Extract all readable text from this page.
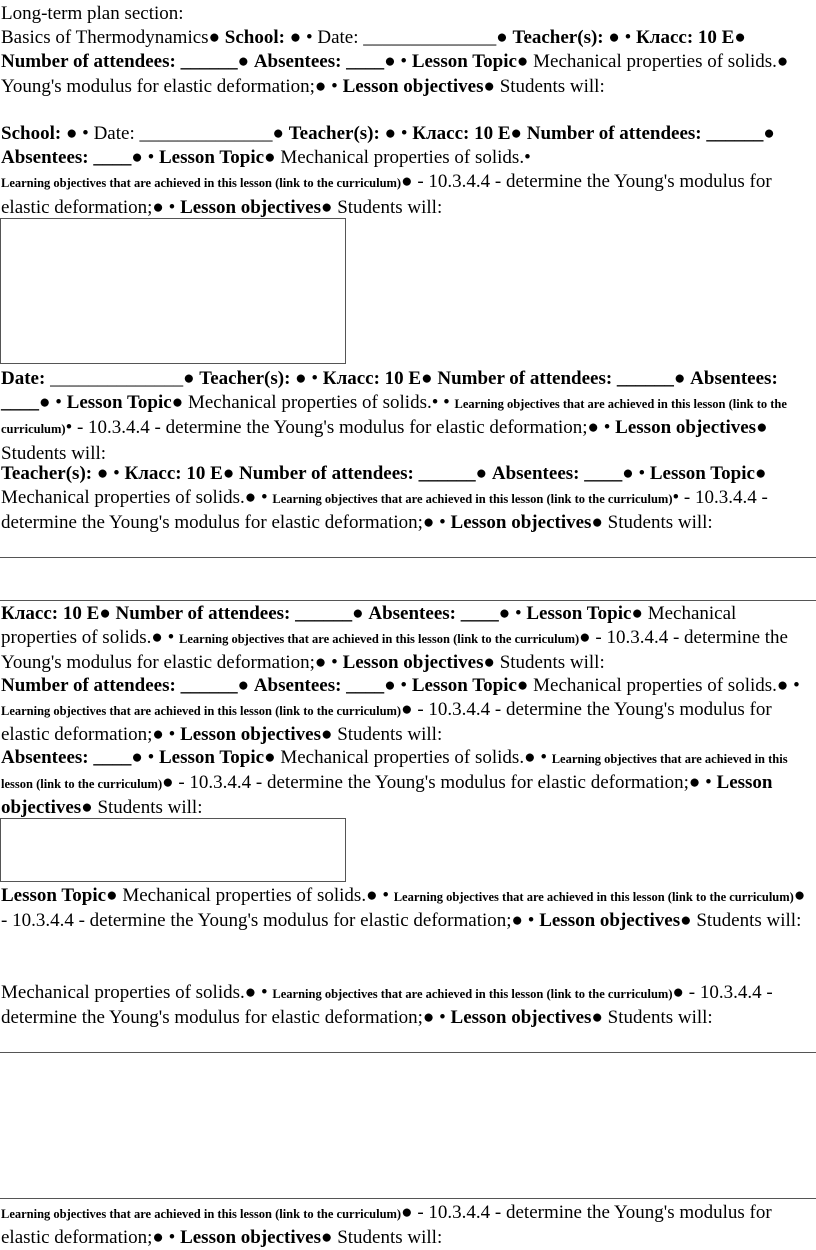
Long-term plan section:
Basics of Thermodynamics● School: ● • Date: ______________● Teacher(s): ● • Класс: 10 Е● Number of attendees: ______● Absentees: ____● • Lesson Topic● Mechanical properties of solids.●
Young's modulus for elastic deformation;● • Lesson objectives● Students will:

School: ● • Date: ______________● Teacher(s): ● • Класс: 10 Е● Number of attendees: ______● Absentees: ____● • Lesson Topic● Mechanical properties of solids.•
Learning objectives that are achieved in this lesson (link to the curriculum)● - 10.3.4.4 - determine the Young's modulus for elastic deformation;● • Lesson objectives● Students will:

Date: ______________● Teacher(s): ● • Класс: 10 Е● Number of attendees: ______● Absentees: ____● • Lesson Topic● Mechanical properties of solids.• • Learning objectives that are achieved in this lesson (link to the curriculum)• - 10.3.4.4 - determine the Young's modulus for elastic deformation;● • Lesson objectives● Students will:

Teacher(s): ● • Класс: 10 Е● Number of attendees: ______● Absentees: ____● • Lesson Topic● Mechanical properties of solids.● • Learning objectives that are achieved in this lesson (link to the curriculum)• - 10.3.4.4 - determine the Young's modulus for elastic deformation;● • Lesson objectives● Students will:

Класс: 10 Е● Number of attendees: ______● Absentees: ____● • Lesson Topic● Mechanical properties of solids.● • Learning objectives that are achieved in this lesson (link to the curriculum)● - 10.3.4.4 - determine the Young's modulus for elastic deformation;● • Lesson objectives● Students will:

Number of attendees: ______● Absentees: ____● • Lesson Topic● Mechanical properties of solids.● • Learning objectives that are achieved in this lesson (link to the curriculum)● - 10.3.4.4 - determine the Young's modulus for elastic deformation;● • Lesson objectives● Students will:

Absentees: ____● • Lesson Topic● Mechanical properties of solids.● • Learning objectives that are achieved in this lesson (link to the curriculum)● - 10.3.4.4 - determine the Young's modulus for elastic deformation;● • Lesson objectives● Students will:

Lesson Topic● Mechanical properties of solids.● • Learning objectives that are achieved in this lesson (link to the curriculum)● - 10.3.4.4 - determine the Young's modulus for elastic deformation;● • Lesson objectives● Students will:

Mechanical properties of solids.● • Learning objectives that are achieved in this lesson (link to the curriculum)● - 10.3.4.4 - determine the Young's modulus for elastic deformation;● • Lesson objectives● Students will:

Learning objectives that are achieved in this lesson (link to the curriculum)● - 10.3.4.4 - determine the Young's modulus for elastic deformation;● • Lesson objectives● Students will:
